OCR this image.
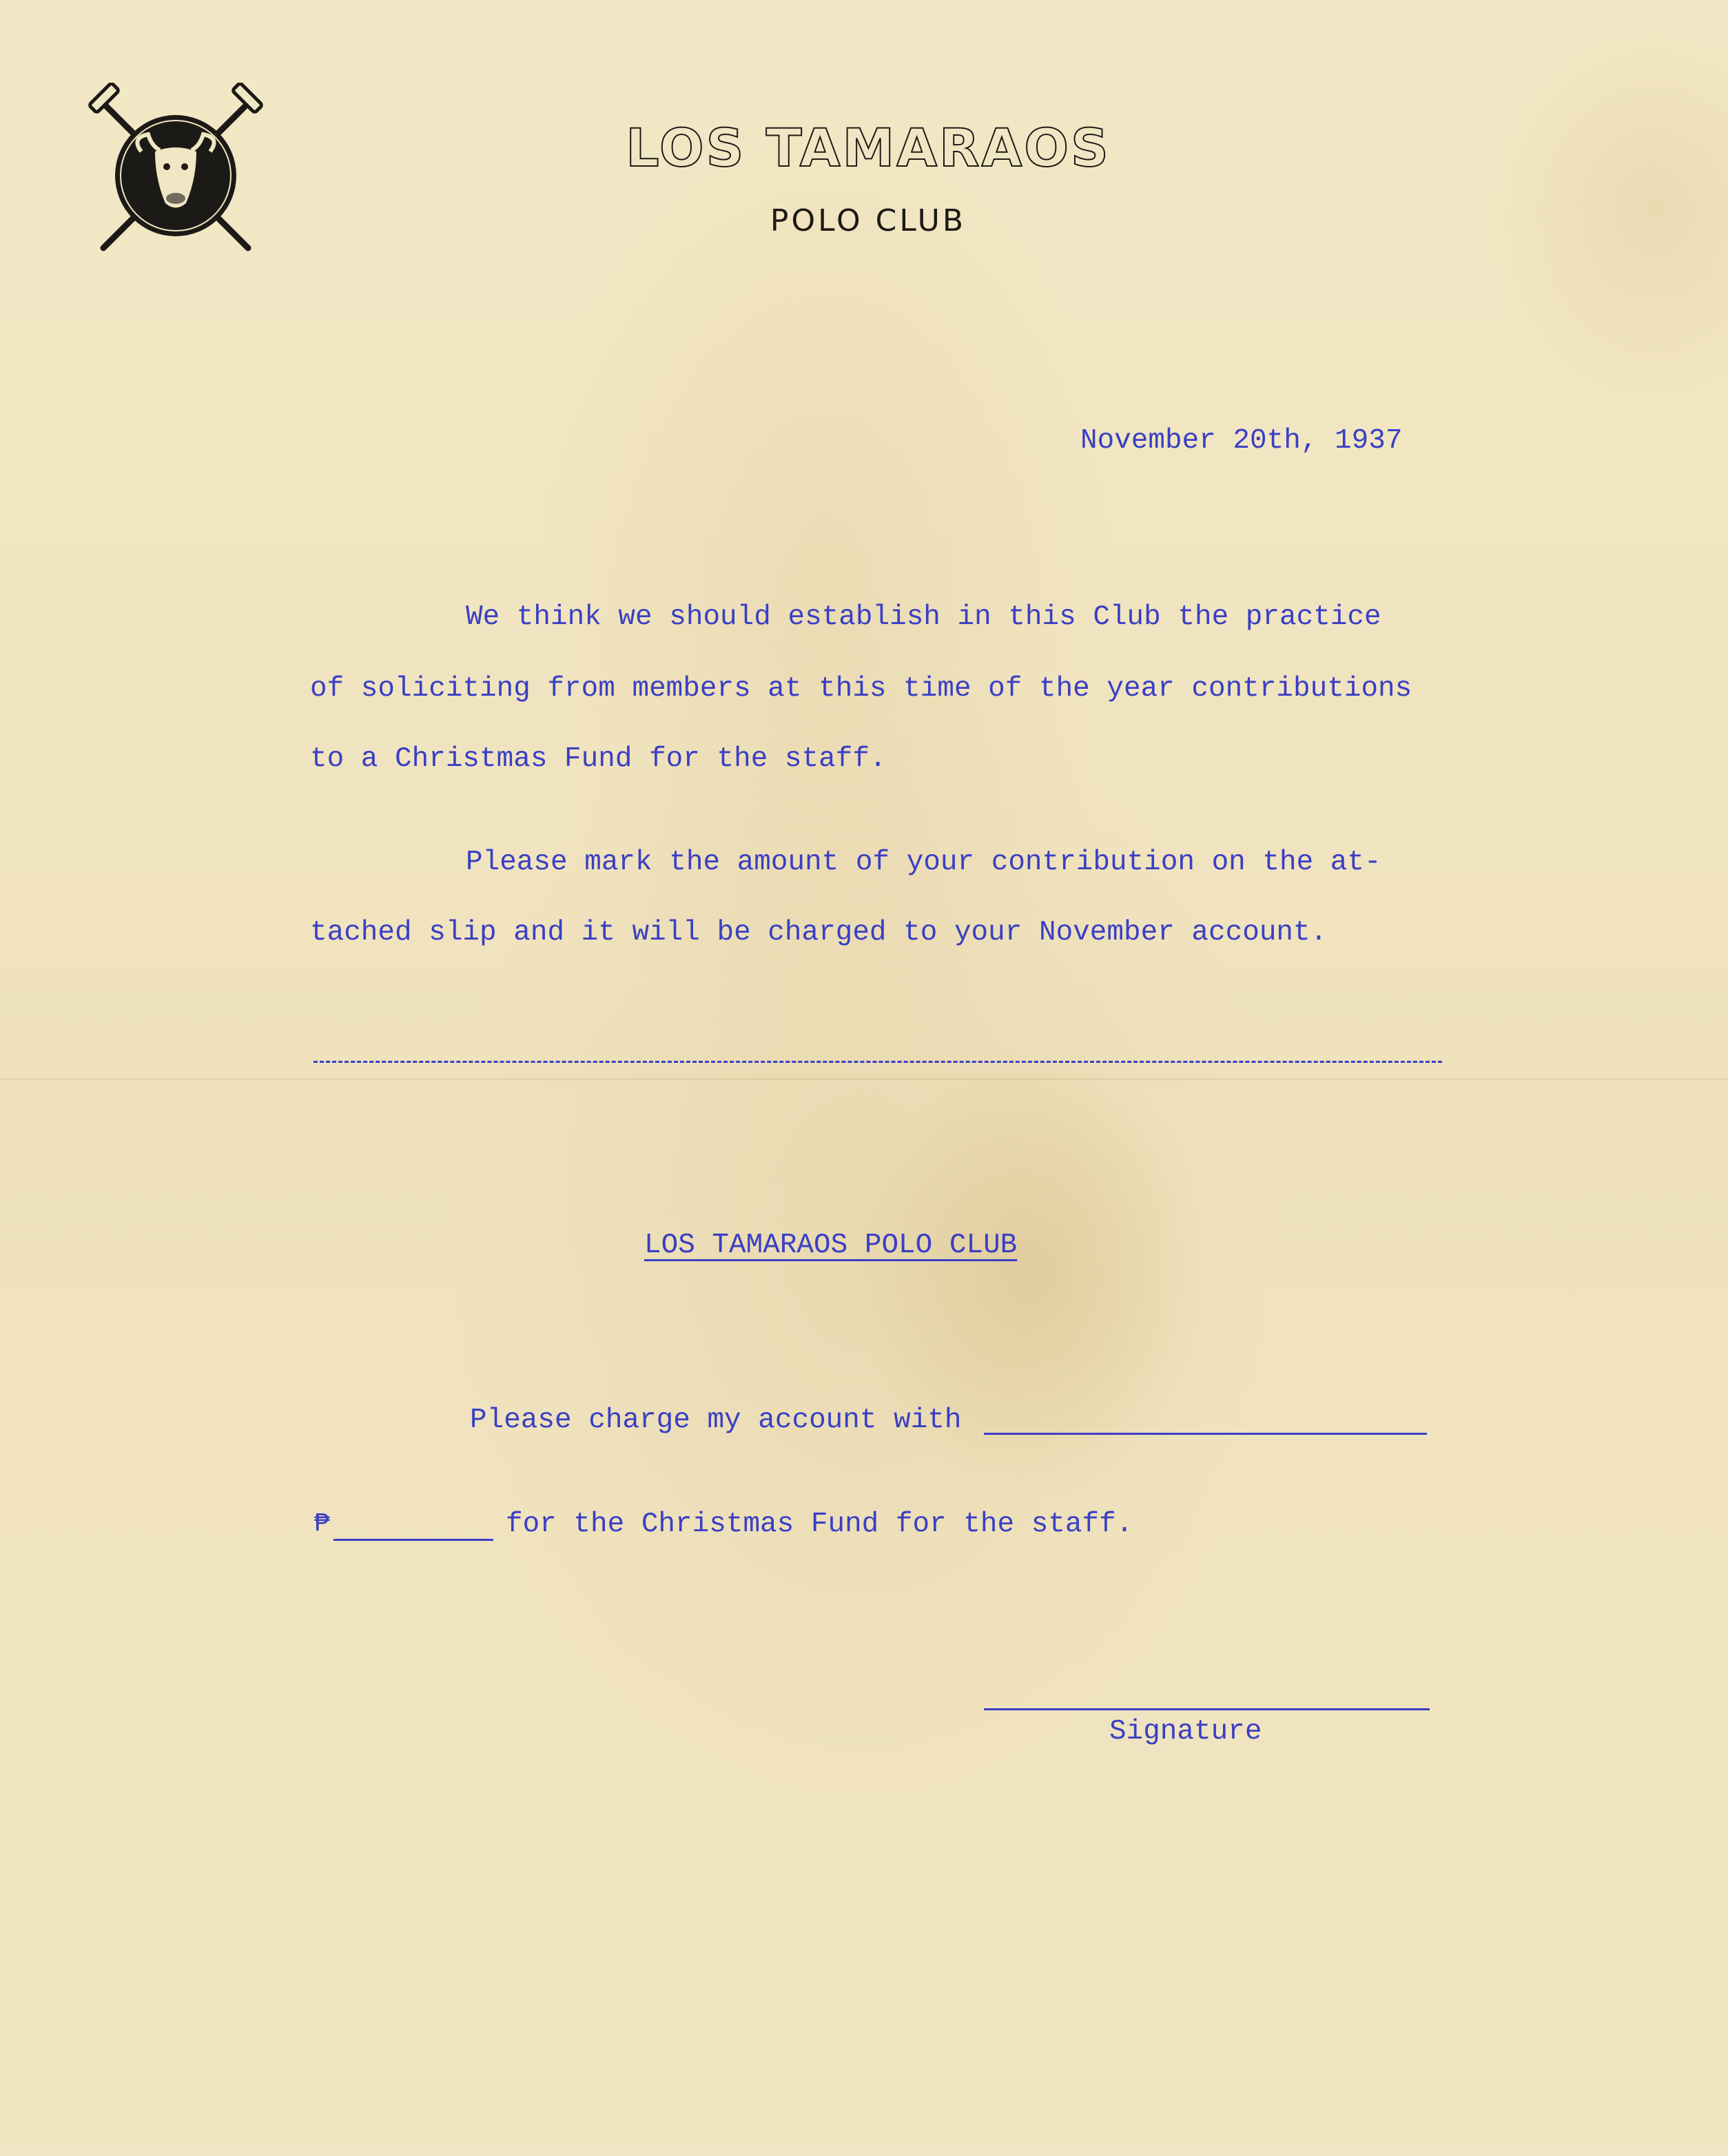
LOS TAMARAOS
POLO CLUB
November 20th, 1937
We think we should establish in this Club the practice
of soliciting from members at this time of the year contributions
to a Christmas Fund for the staff.
Please mark the amount of your contribution on the at-
tached slip and it will be charged to your November account.
LOS TAMARAOS POLO CLUB
Please charge my account with
₱	for the Christmas Fund for the staff.
Signature
